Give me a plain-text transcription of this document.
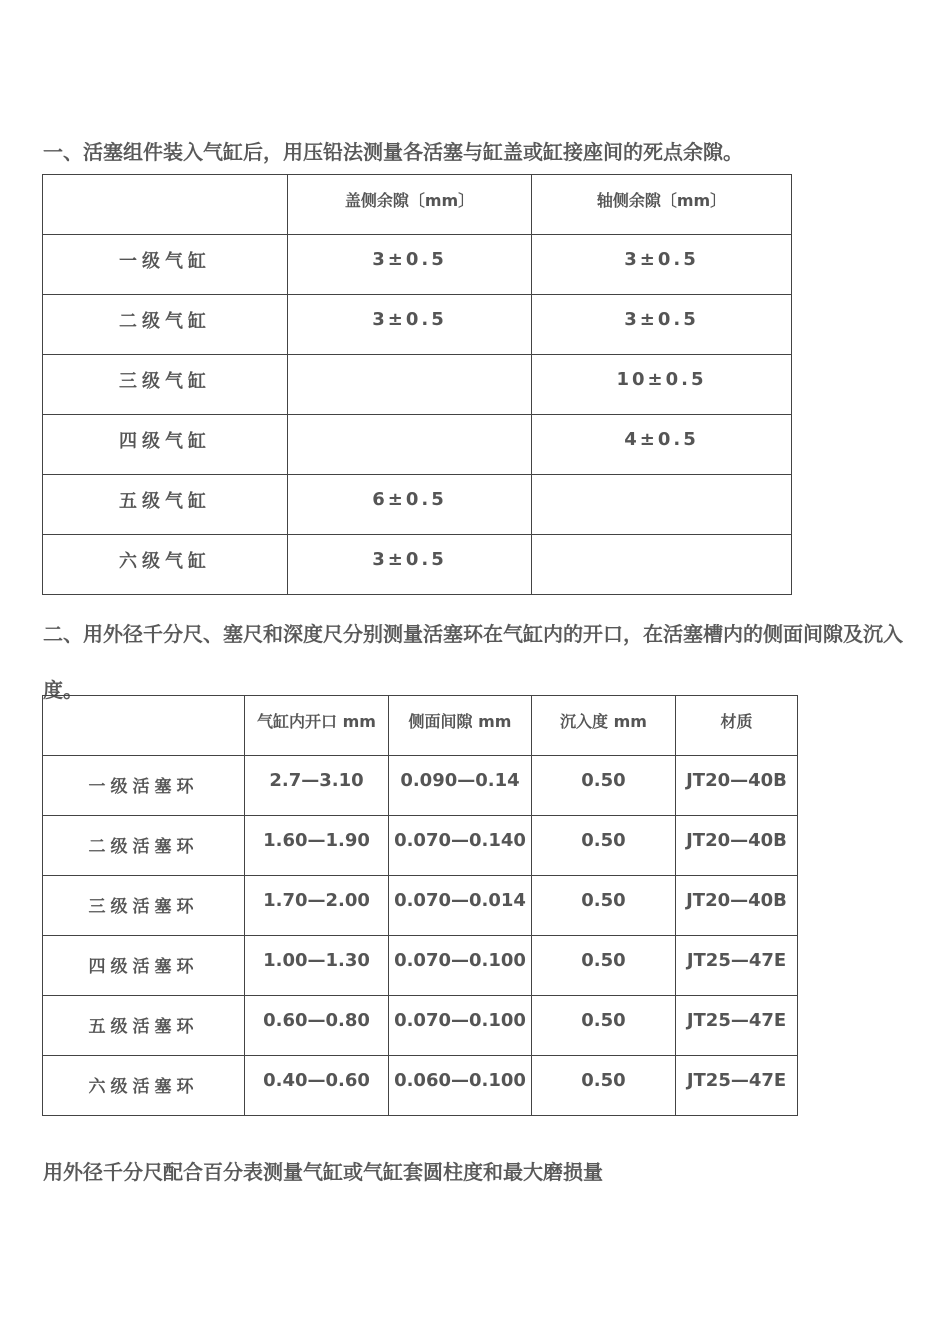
一、活塞组件装入气缸后，用压铅法测量各活塞与缸盖或缸接座间的死点余隙。
	盖侧余隙〔mm〕	轴侧余隙〔mm〕
一级气缸	3±0.5	3±0.5
二级气缸	3±0.5	3±0.5
三级气缸		10±0.5
四级气缸		4±0.5
五级气缸	6±0.5	
六级气缸	3±0.5	
二、用外径千分尺、塞尺和深度尺分别测量活塞环在气缸内的开口，在活塞槽内的侧面间隙及沉入度。
	气缸内开口 mm	侧面间隙 mm	沉入度 mm	材质
一级活塞环	2.7—3.10	0.090—0.14	0.50	JT20—40B
二级活塞环	1.60—1.90	0.070—0.140	0.50	JT20—40B
三级活塞环	1.70—2.00	0.070—0.014	0.50	JT20—40B
四级活塞环	1.00—1.30	0.070—0.100	0.50	JT25—47E
五级活塞环	0.60—0.80	0.070—0.100	0.50	JT25—47E
六级活塞环	0.40—0.60	0.060—0.100	0.50	JT25—47E
用外径千分尺配合百分表测量气缸或气缸套圆柱度和最大磨损量
